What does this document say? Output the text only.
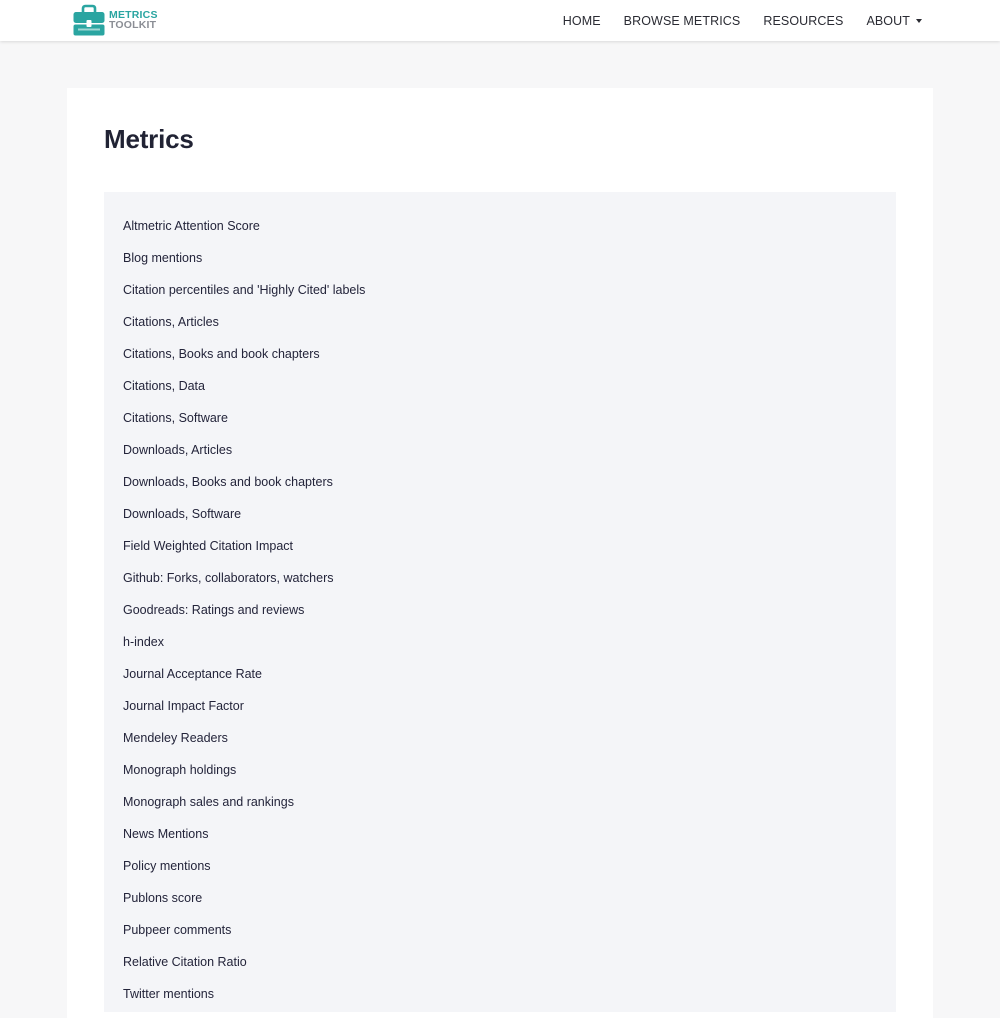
METRICS
TOOLKIT	HOME BROWSE METRICS RESOURCES ABOUT
Metrics
Altmetric Attention Score
Blog mentions
Citation percentiles and 'Highly Cited' labels
Citations, Articles
Citations, Books and book chapters
Citations, Data
Citations, Software
Downloads, Articles
Downloads, Books and book chapters
Downloads, Software
Field Weighted Citation Impact
Github: Forks, collaborators, watchers
Goodreads: Ratings and reviews
h-index
Journal Acceptance Rate
Journal Impact Factor
Mendeley Readers
Monograph holdings
Monograph sales and rankings
News Mentions
Policy mentions
Publons score
Pubpeer comments
Relative Citation Ratio
Twitter mentions
